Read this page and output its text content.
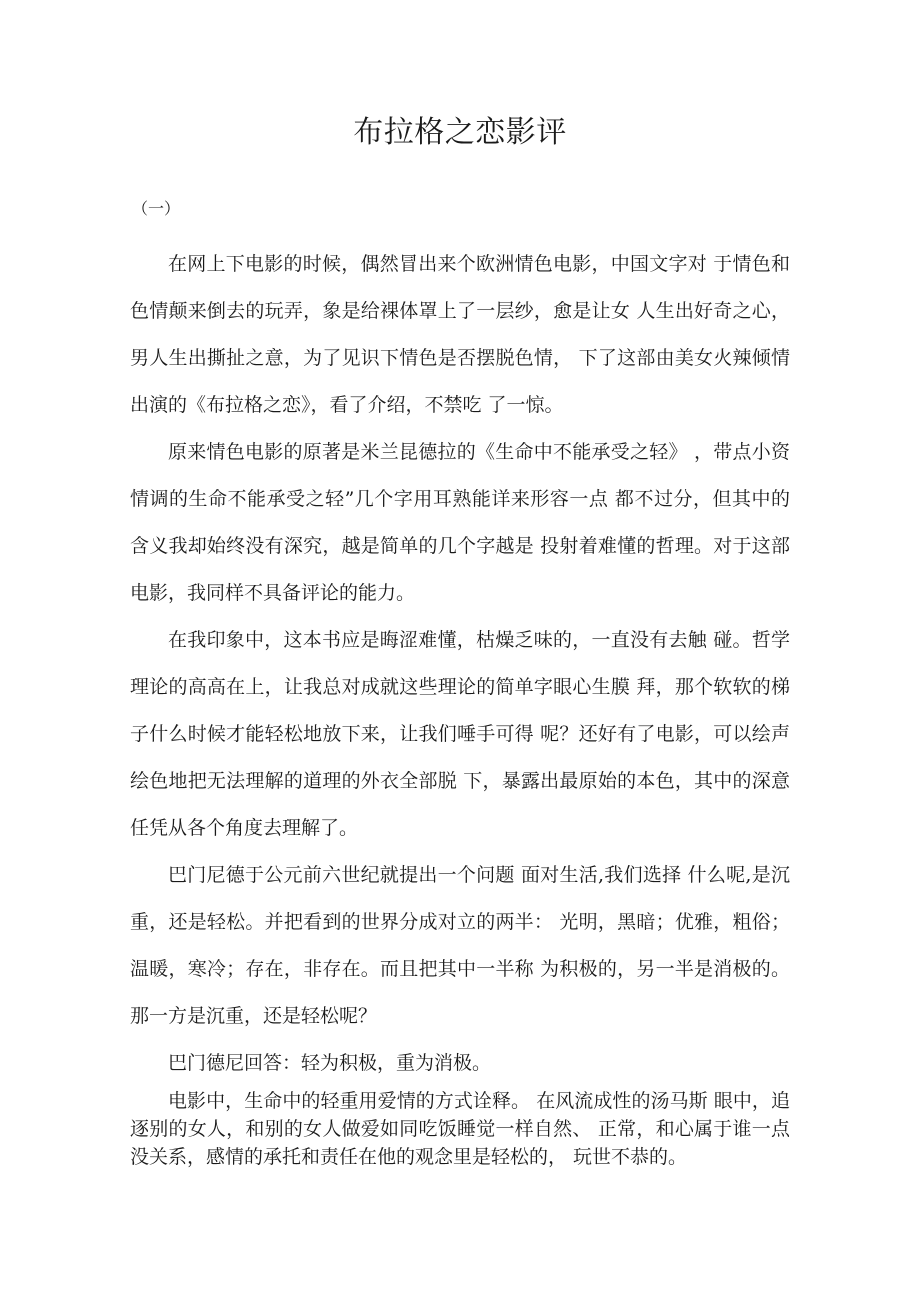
布拉格之恋影评
（一）

在网上下电影的时候，偶然冒出来个欧洲情色电影，中国文字对 于情色和色情颠来倒去的玩弄，象是给裸体罩上了一层纱，愈是让女 人生出好奇之心，男人生出撕扯之意，为了见识下情色是否摆脱色情， 下了这部由美女火辣倾情出演的《布拉格之恋》，看了介绍，不禁吃 了一惊。

原来情色电影的原著是米兰昆德拉的《生命中不能承受之轻》 ，带点小资情调的生命不能承受之轻”几个字用耳熟能详来形容一点 都不过分，但其中的含义我却始终没有深究，越是简单的几个字越是 投射着难懂的哲理。对于这部电影，我同样不具备评论的能力。

在我印象中，这本书应是晦涩难懂，枯燥乏味的，一直没有去触 碰。哲学理论的高高在上，让我总对成就这些理论的简单字眼心生膜 拜，那个软软的梯子什么时候才能轻松地放下来，让我们唾手可得 呢？还好有了电影，可以绘声绘色地把无法理解的道理的外衣全部脱 下，暴露出最原始的本色，其中的深意任凭从各个角度去理解了。

巴门尼德于公元前六世纪就提出一个问题 面对生活,我们选择 什么呢,是沉重，还是轻松。并把看到的世界分成对立的两半： 光明，黑暗；优雅，粗俗；温暖，寒冷；存在，非存在。而且把其中一半称 为积极的，另一半是消极的。那一方是沉重，还是轻松呢？

巴门德尼回答：轻为积极，重为消极。

电影中，生命中的轻重用爱情的方式诠释。 在风流成性的汤马斯 眼中，追逐别的女人，和别的女人做爱如同吃饭睡觉一样自然、 正常，和心属于谁一点没关系，感情的承托和责任在他的观念里是轻松的， 玩世不恭的。
